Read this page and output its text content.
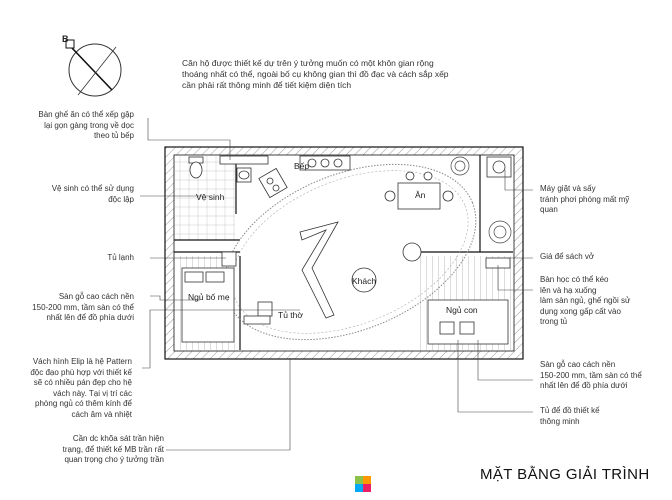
B
Căn hộ được thiết kế dự trên ý tưởng muốn có một khôn gian rộng
thoáng nhất có thể, ngoài bố cụ không gian thì đồ đạc và cách sắp xếp
cần phải rất thông minh để tiết kiệm diện tích
Bếp
Vệ sinh	Ăn
Khách
Ngủ bố mẹ
Tủ thờ	Ngủ con
Bàn ghế ăn có thể xếp gập
lại gọn gàng trong về dọc
theo tủ bếp
Vệ sinh có thể sử dụng
độc lập
Tủ lạnh
Sàn gỗ cao cách nền
150-200 mm, tầm sàn có thể
nhất lên để đồ phía dưới
Vách hình Elip là hệ Pattern
độc đạo phù hợp với thiết kế
sẽ có nhiều pán đẹp cho hệ
vách này. Tại vị trí các
phòng ngủ có thêm kính để
cách âm và nhiệt
Cần dc khõa sát trần hiện
trạng, để thiết kế MB trần rất
quan trọng cho ý tưởng trần
Máy giặt và sấy
tránh phơi phóng mất mỹ
quan
Giá để sách vở
Bàn học có thể kéo
lên và hạ xuống
làm sàn ngủ, ghế ngồi sử
dụng xong gấp cất vào
trong tủ
Sàn gỗ cao cách nền
150-200 mm, tầm sàn có thể
nhất lên để đồ phía dưới
Tủ để đồ thiết kế
thông minh
MẶT BẰNG GIẢI TRÌNH
